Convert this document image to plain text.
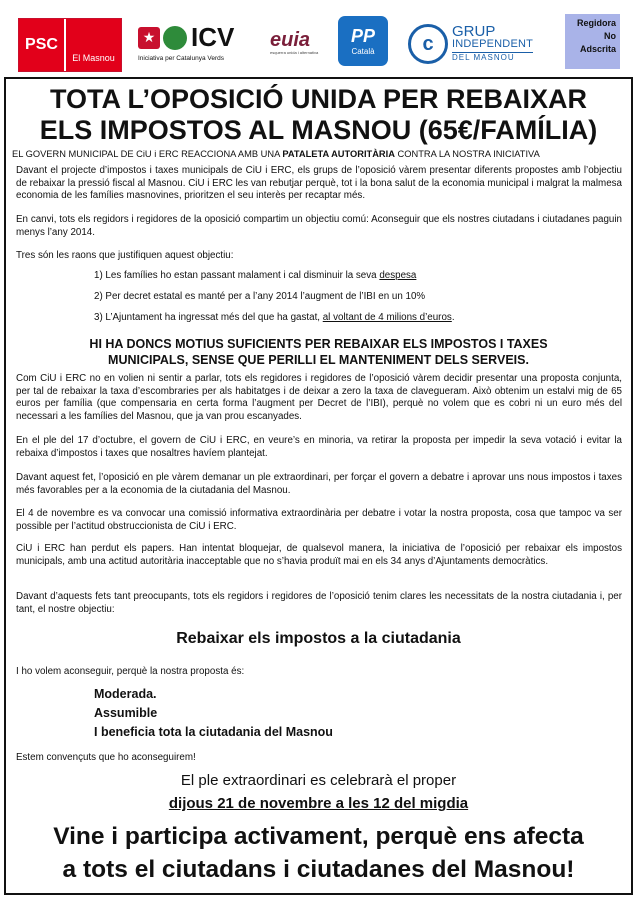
PSC
El Masnou
★ ICV
Iniciativa per Catalunya Verds
euia
esquerra unida i alternativa
PP
Català	c
GRUP
INDEPENDENT
DEL MASNOU
Regidora
No
Adscrita
TOTA L’OPOSICIÓ UNIDA PER REBAIXAR
ELS IMPOSTOS AL MASNOU (65€/FAMÍLIA)
EL GOVERN MUNICIPAL DE CiU i ERC REACCIONA AMB UNA PATALETA AUTORITÀRIA CONTRA LA NOSTRA INICIATIVA
Davant el projecte d’impostos i taxes municipals de CiU i ERC, els grups de l’oposició vàrem presentar diferents propostes amb l’objectiu de rebaixar la pressió fiscal al Masnou. CiU i ERC les van rebutjar perquè, tot i la bona salut de la economia municipal i malgrat la malmesa economia de les famílies masnovines, prioritzen el seu interès per recaptar més.
En canvi, tots els regidors i regidores de la oposició compartim un objectiu comú: Aconseguir que els nostres ciutadans i ciutadanes paguin menys l’any 2014.
Tres són les raons que justifiquen aquest objectiu:
1) Les famílies ho estan passant malament i cal disminuir la seva despesa
2) Per decret estatal es manté per a l’any 2014 l’augment de l’IBI en un 10%
3) L’Ajuntament ha ingressat més del que ha gastat, al voltant de 4 milions d’euros.
HI HA DONCS MOTIUS SUFICIENTS PER REBAIXAR ELS IMPOSTOS I TAXES
MUNICIPALS, SENSE QUE PERILLI EL MANTENIMENT DELS SERVEIS.
Com CiU i ERC no en volien ni sentir a parlar, tots els regidores i regidores de l’oposició vàrem decidir presentar una proposta conjunta, per tal de rebaixar la taxa d’escombraries per als habitatges i de deixar a zero la taxa de clavegueram. Això obtenim un estalvi mig de 65 euros per família (que compensaria en certa forma l’augment per Decret de l’IBI), perquè no volem que es cobri ni un euro més del necessari a les famílies del Masnou, que ja van prou escanyades.
En el ple del 17 d’octubre, el govern de CiU i ERC, en veure’s en minoria, va retirar la proposta per impedir la seva votació i evitar la rebaixa d’impostos i taxes que nosaltres havíem plantejat.
Davant aquest fet, l’oposició en ple vàrem demanar un ple extraordinari, per forçar el govern a debatre i aprovar uns nous impostos i taxes més favorables per a la economia de la ciutadania del Masnou.
El 4 de novembre es va convocar una comissió informativa extraordinària per debatre i votar la nostra proposta, cosa que tampoc va ser possible per l’actitud obstruccionista de CiU i ERC.
CiU i ERC han perdut els papers. Han intentat bloquejar, de qualsevol manera, la iniciativa de l’oposició per rebaixar els impostos municipals, amb una actitud autoritària inacceptable que no s’havia produït mai en els 34 anys d’Ajuntaments democràtics.
Davant d’aquests fets tant preocupants, tots els regidors i regidores de l’oposició tenim clares les necessitats de la nostra ciutadania i, per tant, el nostre objectiu:
Rebaixar els impostos a la ciutadania
I ho volem aconseguir, perquè la nostra proposta és:
Moderada.
Assumible
I beneficia tota la ciutadania del Masnou
Estem convençuts que ho aconseguirem!
El ple extraordinari es celebrarà el proper
dijous 21 de novembre a les 12 del migdia
Vine i participa activament, perquè ens afecta
a tots el ciutadans i ciutadanes del Masnou!
